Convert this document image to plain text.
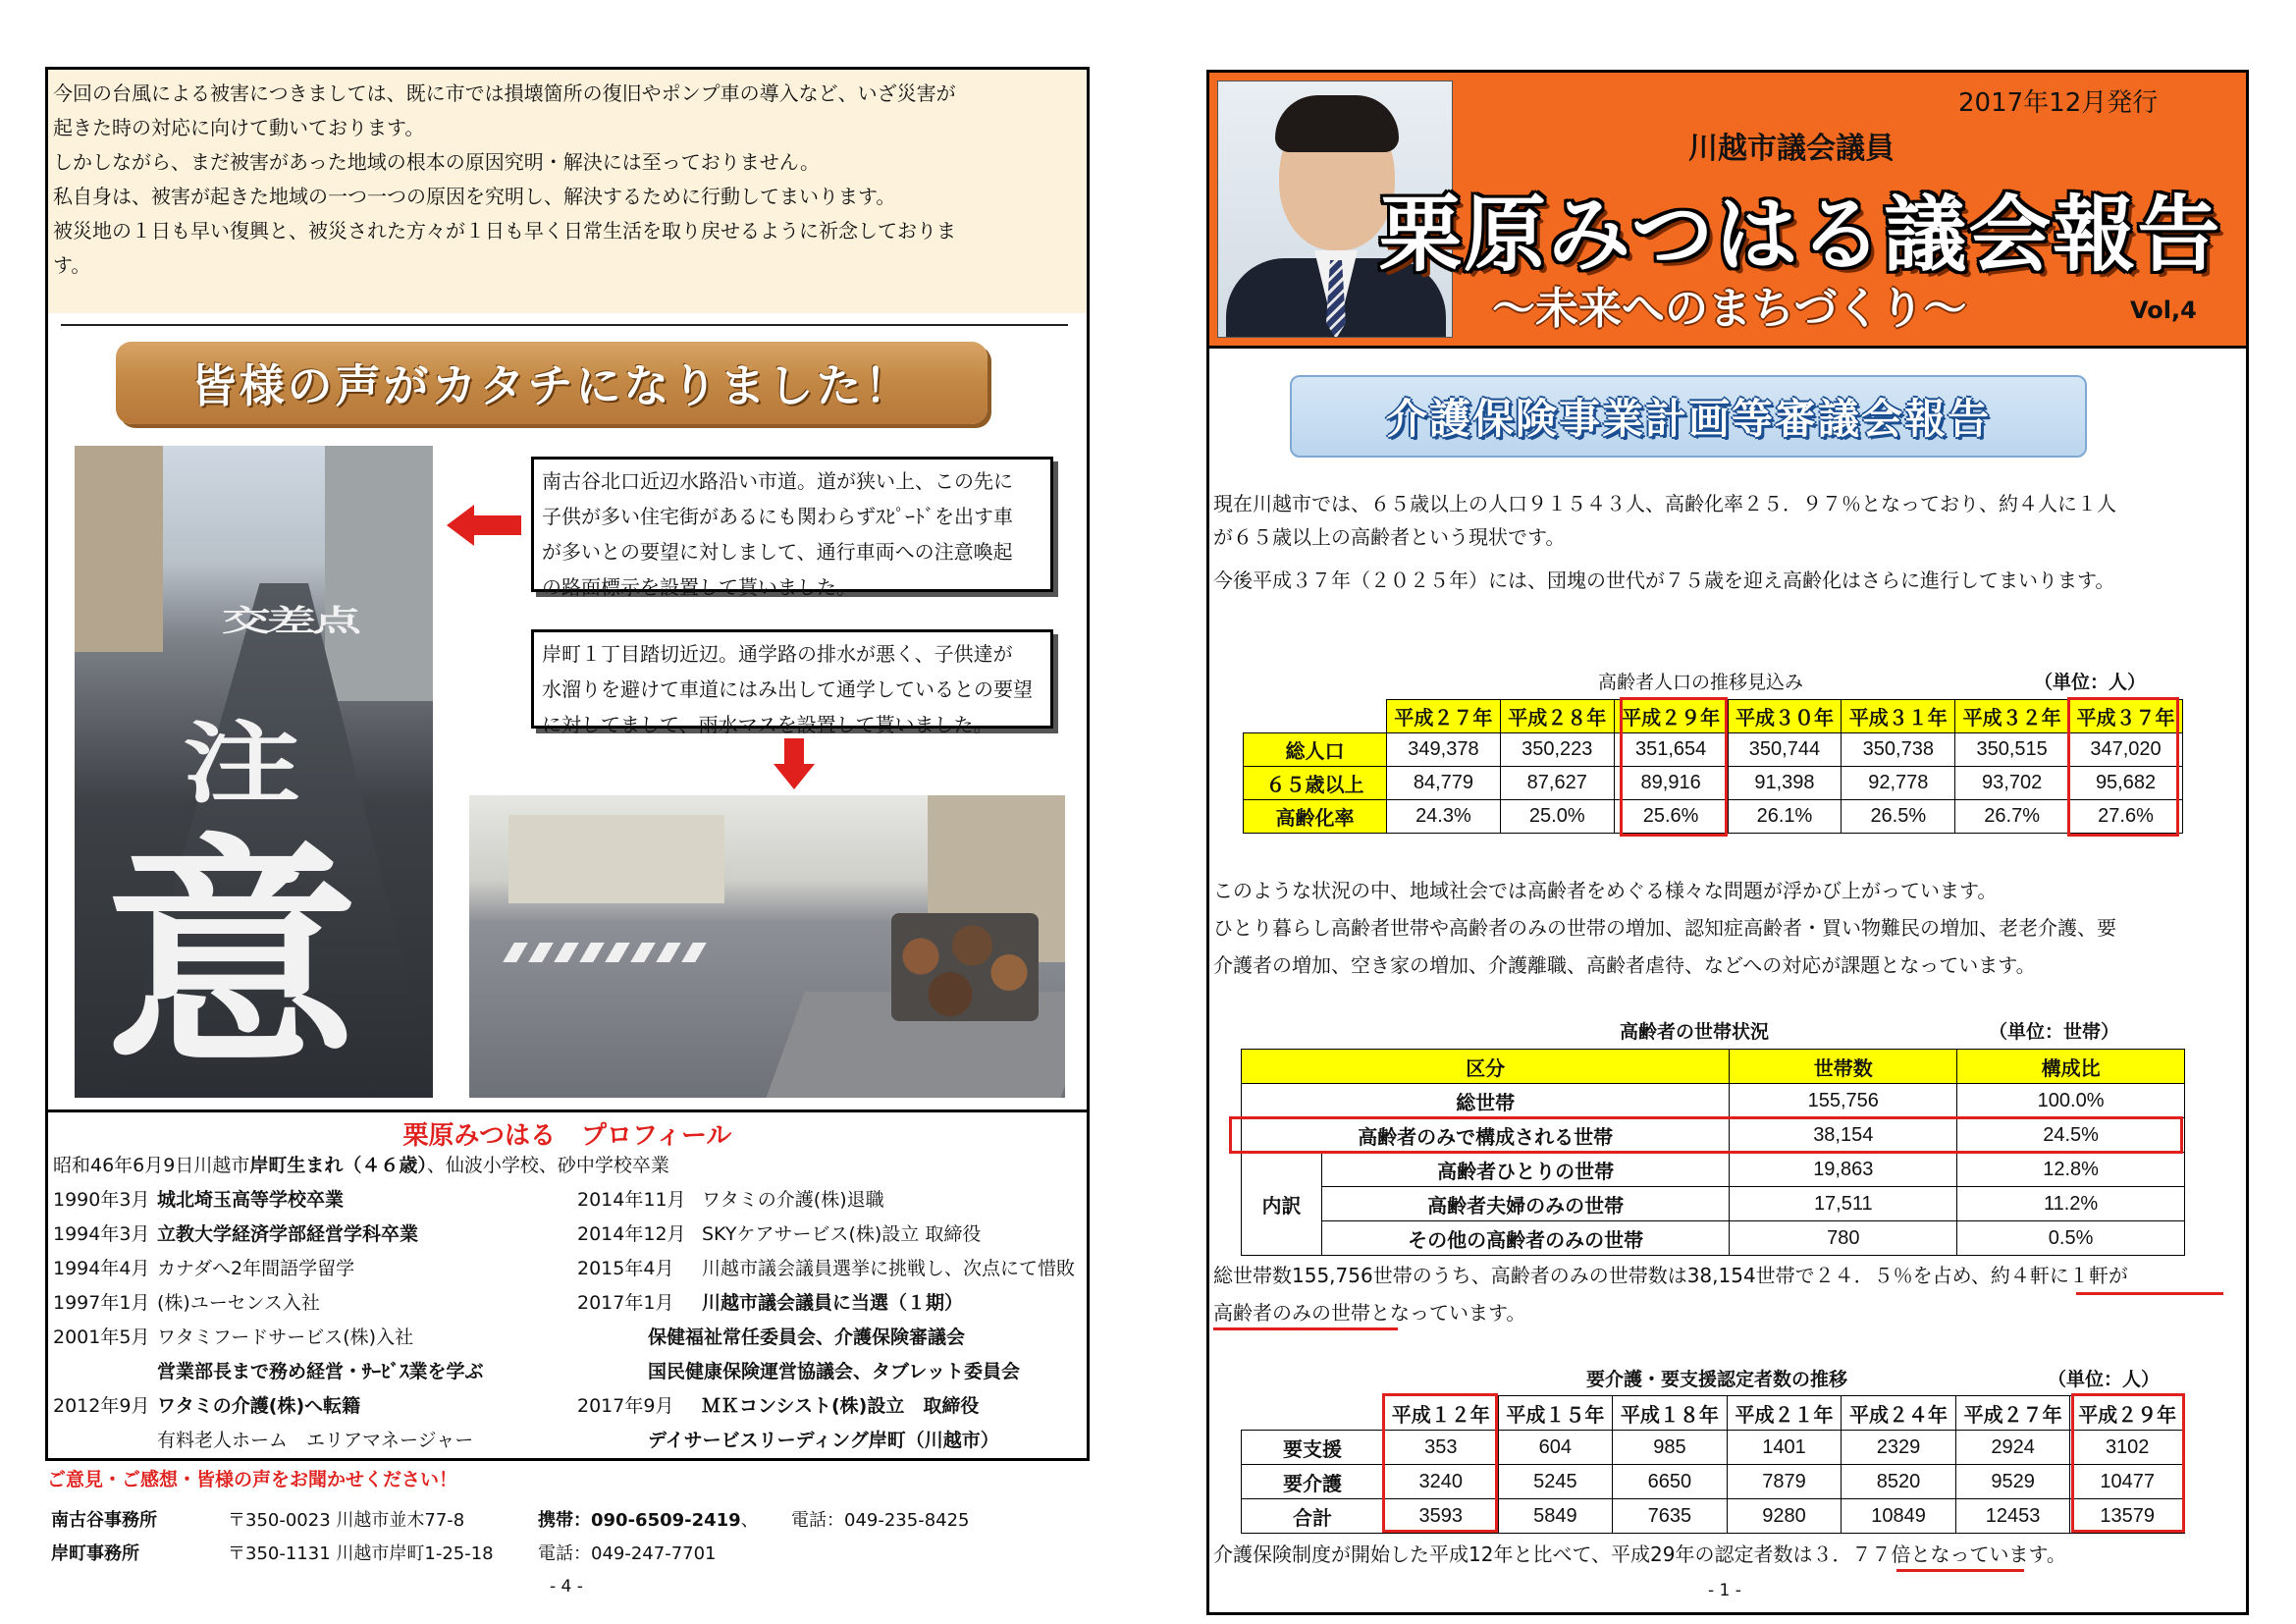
今回の台風による被害につきましては、既に市では損壊箇所の復旧やポンプ車の導入など、いざ災害が

起きた時の対応に向けて動いております。

しかしながら、まだ被害があった地域の根本の原因究明・解決には至っておりません。

私自身は、被害が起きた地域の一つ一つの原因を究明し、解決するために行動してまいります。

被災地の１日も早い復興と、被災された方々が１日も早く日常生活を取り戻せるように祈念しておりま

す。

皆様の声がカタチになりました！
交差点
注
意
南古谷北口近辺水路沿い市道。道が狭い上、この先に
子供が多い住宅街があるにも関わらずｽﾋﾟｰﾄﾞを出す車
が多いとの要望に対しまして、通行車両への注意喚起
の路面標示を設置して貰いました。
岸町１丁目踏切近辺。通学路の排水が悪く、子供達が
水溜りを避けて車道にはみ出して通学しているとの要望
に対してまして、雨水マスを設置して貰いました。
栗原みつはる　プロフィール
昭和46年6月9日川越市岸町生まれ（４６歳）、仙波小学校、砂中学校卒業
ご意見・ご感想・皆様の声をお聞かせください！
南古谷事務所	〒350-0023 川越市並木77-8	携帯：090-6509-2419、 電話：049-235-8425
岸町事務所	〒350-1131 川越市岸町1-25-18	電話：049-247-7701
- 4 -
2017年12月発行
川越市議会議員
栗原みつはる議会報告
～未来へのまちづくり～	Vol,4
介護保険事業計画等審議会報告
現在川越市では、６５歳以上の人口９１５４３人、高齢化率２５．９７％となっており、約４人に１人
が６５歳以上の高齢者という現状です。
今後平成３７年（２０２５年）には、団塊の世代が７５歳を迎え高齢化はさらに進行してまいります。
高齢者人口の推移見込み	（単位：人）
	平成２７年	平成２８年	平成２９年	平成３０年	平成３１年	平成３２年	平成３７年
総人口	349,378	350,223	351,654	350,744	350,738	350,515	347,020
６５歳以上	84,779	87,627	89,916	91,398	92,778	93,702	95,682
高齢化率	24.3%	25.0%	25.6%	26.1%	26.5%	26.7%	27.6%
このような状況の中、地域社会では高齢者をめぐる様々な問題が浮かび上がっています。
ひとり暮らし高齢者世帯や高齢者のみの世帯の増加、認知症高齢者・買い物難民の増加、老老介護、要
介護者の増加、空き家の増加、介護離職、高齢者虐待、などへの対応が課題となっています。
高齢者の世帯状況	（単位：世帯）
区分		世帯数	構成比
総世帯		155,756	100.0%
高齢者のみで構成される世帯		38,154	24.5%
内訳	高齢者ひとりの世帯	19,863	12.8%
	高齢者夫婦のみの世帯	17,511	11.2%
	その他の高齢者のみの世帯	780	0.5%
総世帯数155,756世帯のうち、高齢者のみの世帯数は38,154世帯で２４．５％を占め、約４軒に１軒が
高齢者のみの世帯となっています。
要介護・要支援認定者数の推移	（単位：人）
	平成１２年	平成１５年	平成１８年	平成２１年	平成２４年	平成２７年	平成２９年
要支援	353	604	985	1401	2329	2924	3102
要介護	3240	5245	6650	7879	8520	9529	10477
合計	3593	5849	7635	9280	10849	12453	13579
介護保険制度が開始した平成12年と比べて、平成29年の認定者数は３．７７倍となっています。
- 1 -
1990年3月 城北埼玉高等学校卒業
1994年3月 立教大学経済学部経営学科卒業
1994年4月 カナダへ2年間語学留学
1997年1月 (株)ユーセンス入社
2001年5月 ワタミフードサービス(株)入社
営業部長まで務め経営・ｻｰﾋﾞｽ業を学ぶ
2012年9月 ワタミの介護(株)へ転籍
有料老人ホーム　エリアマネージャー
2014年11月 ワタミの介護(株)退職
2014年12月 SKYケアサービス(株)設立 取締役
2015年4月 川越市議会議員選挙に挑戦し、次点にて惜敗
2017年1月 川越市議会議員に当選（１期）
保健福祉常任委員会、介護保険審議会
国民健康保険運営協議会、タブレット委員会
2017年9月 ＭＫコンシスト(株)設立　取締役
デイサービスリーディング岸町（川越市）
